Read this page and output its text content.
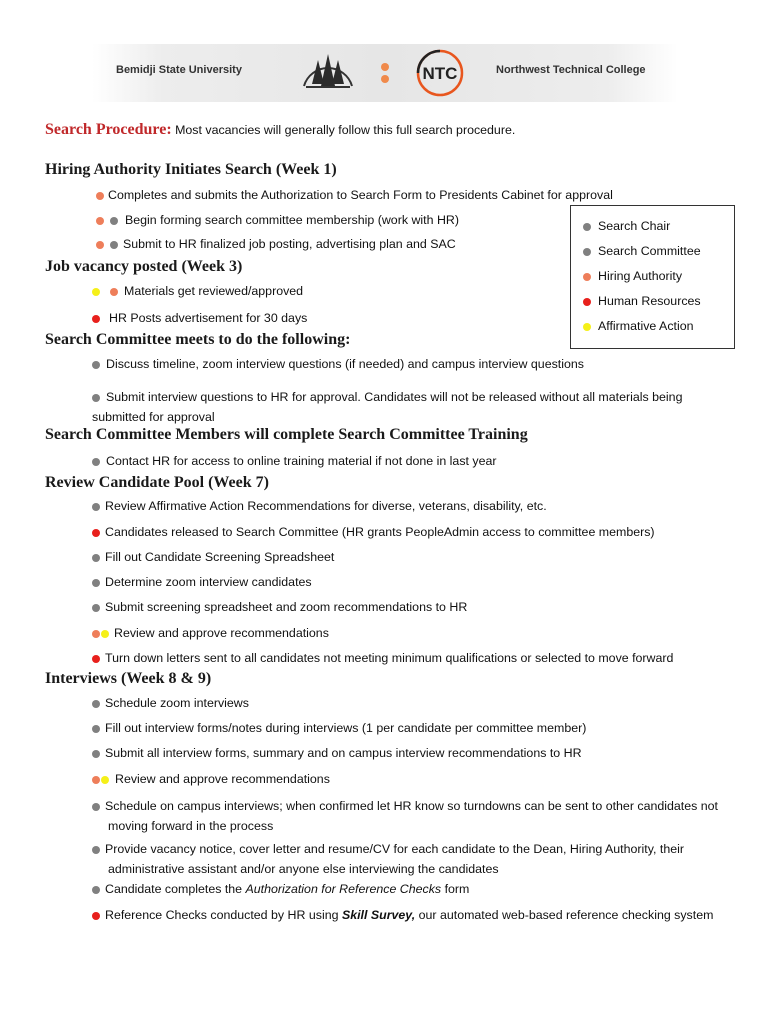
Bemidji State University	NTC	Northwest Technical College
Search Procedure: Most vacancies will generally follow this full search procedure.
Hiring Authority Initiates Search (Week 1)
Completes and submits the Authorization to Search Form to Presidents Cabinet for approval
Begin forming search committee membership (work with HR)
Submit to HR finalized job posting, advertising plan and SAC
Job vacancy posted (Week 3)
Materials get reviewed/approved
HR Posts advertisement for 30 days
Search Committee meets to do the following:
Discuss timeline, zoom interview questions (if needed) and campus interview questions
Submit interview questions to HR for approval. Candidates will not be released without all materials being submitted for approval
Search Committee Members will complete Search Committee Training
Contact HR for access to online training material if not done in last year
Review Candidate Pool (Week 7)
Review Affirmative Action Recommendations for diverse, veterans, disability, etc.
Candidates released to Search Committee (HR grants PeopleAdmin access to committee members)
Fill out Candidate Screening Spreadsheet
Determine zoom interview candidates
Submit screening spreadsheet and zoom recommendations to HR
Review and approve recommendations
Turn down letters sent to all candidates not meeting minimum qualifications or selected to move forward
Interviews (Week 8 & 9)
Schedule zoom interviews
Fill out interview forms/notes during interviews (1 per candidate per committee member)
Submit all interview forms, summary and on campus interview recommendations to HR
Review and approve recommendations
Schedule on campus interviews; when confirmed let HR know so turndowns can be sent to other candidates not moving forward in the process
Provide vacancy notice, cover letter and resume/CV for each candidate to the Dean, Hiring Authority, their administrative assistant and/or anyone else interviewing the candidates
Candidate completes the Authorization for Reference Checks form
Reference Checks conducted by HR using Skill Survey, our automated web-based reference checking system
Search Chair
Search Committee
Hiring Authority
Human Resources
Affirmative Action
